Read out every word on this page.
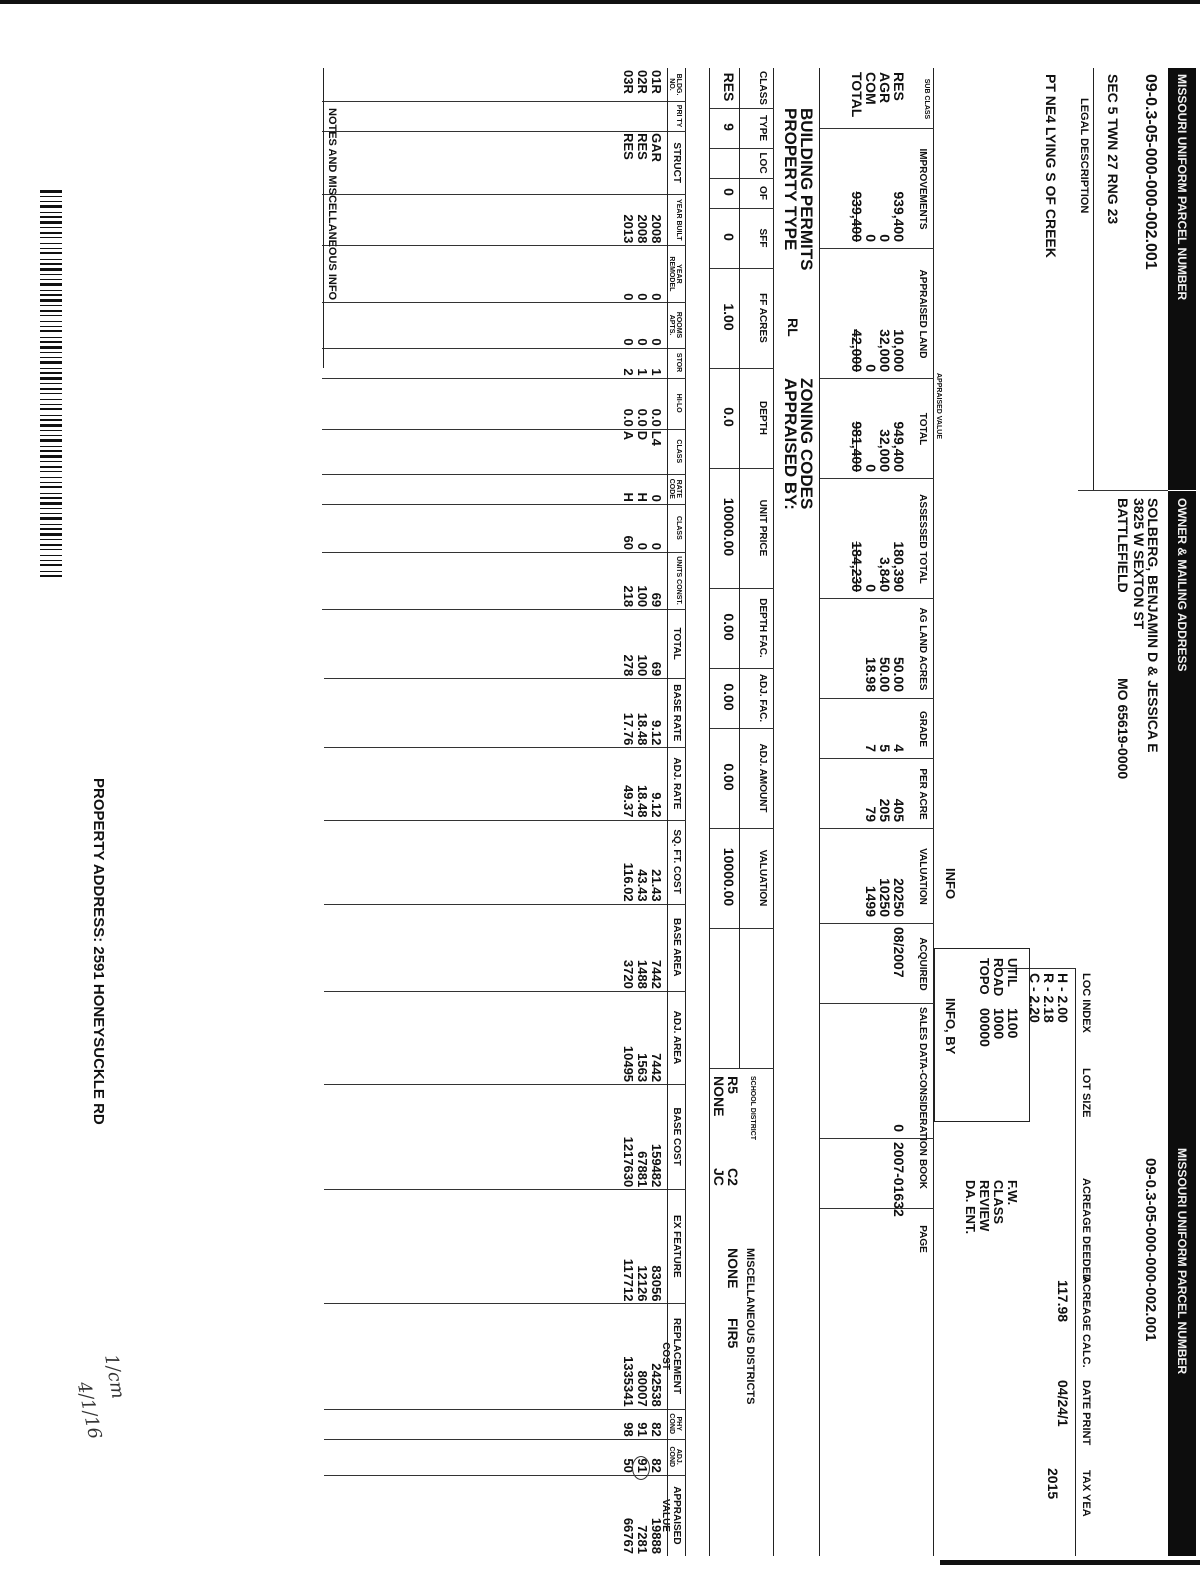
MISSOURI UNIFORM PARCEL NUMBER
OWNER & MAILING ADDRESS
MISSOURI UNIFORM PARCEL NUMBER
09-0.3-05-000-000-002.001
09-0.3-05-000-000-002.001
SOLBERG, BENJAMIN D & JESSICA E
3825 W SEXTON ST
BATTLEFIELD
MO 65619-0000
SEC 5 TWN 27 RNG 23
LEGAL DESCRIPTION
PT NE4 LYING S OF CREEK
LOC INDEX
LOT SIZE
ACREAGE DEEDED
ACREAGE CALC.
DATE PRINT
TAX YEA
H - 2.00
R - 2.18
C - 2.20
117.98
04/24/1
2015
UTIL
ROAD
TOPO
1100
1000
00000
F.W.
CLASS
REVIEW
DA. ENT.
INFO
INFO, BY
APPRAISED VALUE
SUB CLASS
IMPROVEMENTS
APPRAISED LAND
TOTAL
ASSESSED TOTAL
AG LAND ACRES
GRADE
PER ACRE
VALUATION
ACQUIRED
SALES DATA-CONSIDERATION
BOOK
PAGE
RES
939,400
10,000
949,400
180,390
50.00
4
405
20250
08/2007
0
2007-01632
AGR
0
32,000
32,000
3,840
50.00
5
205
10250
COM
0
0
0
0
18.98
7
79
1499
TOTAL
939,400
42,000
981,400
184,230
BUILDING PERMITS
PROPERTY TYPE
ZONING CODES
APPRAISED BY:
RL
CLASS
TYPE
LOC
OF
SFF
FF ACRES
DEPTH
UNIT PRICE
DEPTH FAC.
ADJ. FAC.
ADJ. AMOUNT
VALUATION
RES
9
0
0
1.00
0.0
10000.00
0.00
0.00
0.00
10000.00
SCHOOL DISTRICT
MISCELLANEOUS DISTRICTS
R5
NONE
C2
JC
NONE
FIR5
BLDG. NO.
PRI TY
STRUCT
YEAR BUILT
YEAR REMODEL
ROOMS APTS.
STOR
HI-LO
CLASS
RATE CODE
CLASS
UNITS CONST.
TOTAL
BASE RATE
ADJ. RATE
SQ. FT. COST
BASE AREA
ADJ. AREA
BASE COST
EX FEATURE
REPLACEMENT COST
PHY COND
ADJ. COND
APPRAISED VALUE
01R
GAR
2008
0
0
1
0.0
L4
0
0
69
69
9.12
9.12
21.43
7442
7442
159482
83056
242538
82
82
19888
02R
RES
2008
0
0
1
0.0
D
H
0
100
100
18.48
18.48
43.43
1488
1563
67881
12126
80007
91
91
7281
03R
RES
2013
0
0
2
0.0
A
H
60
218
278
17.76
49.37
116.02
3720
10495
1217630
117712
1335341
98
50
66767
NOTES AND MISCELLANEOUS INFO
PROPERTY ADDRESS: 2591 HONEYSUCKLE RD
1/cm
4/1/16
